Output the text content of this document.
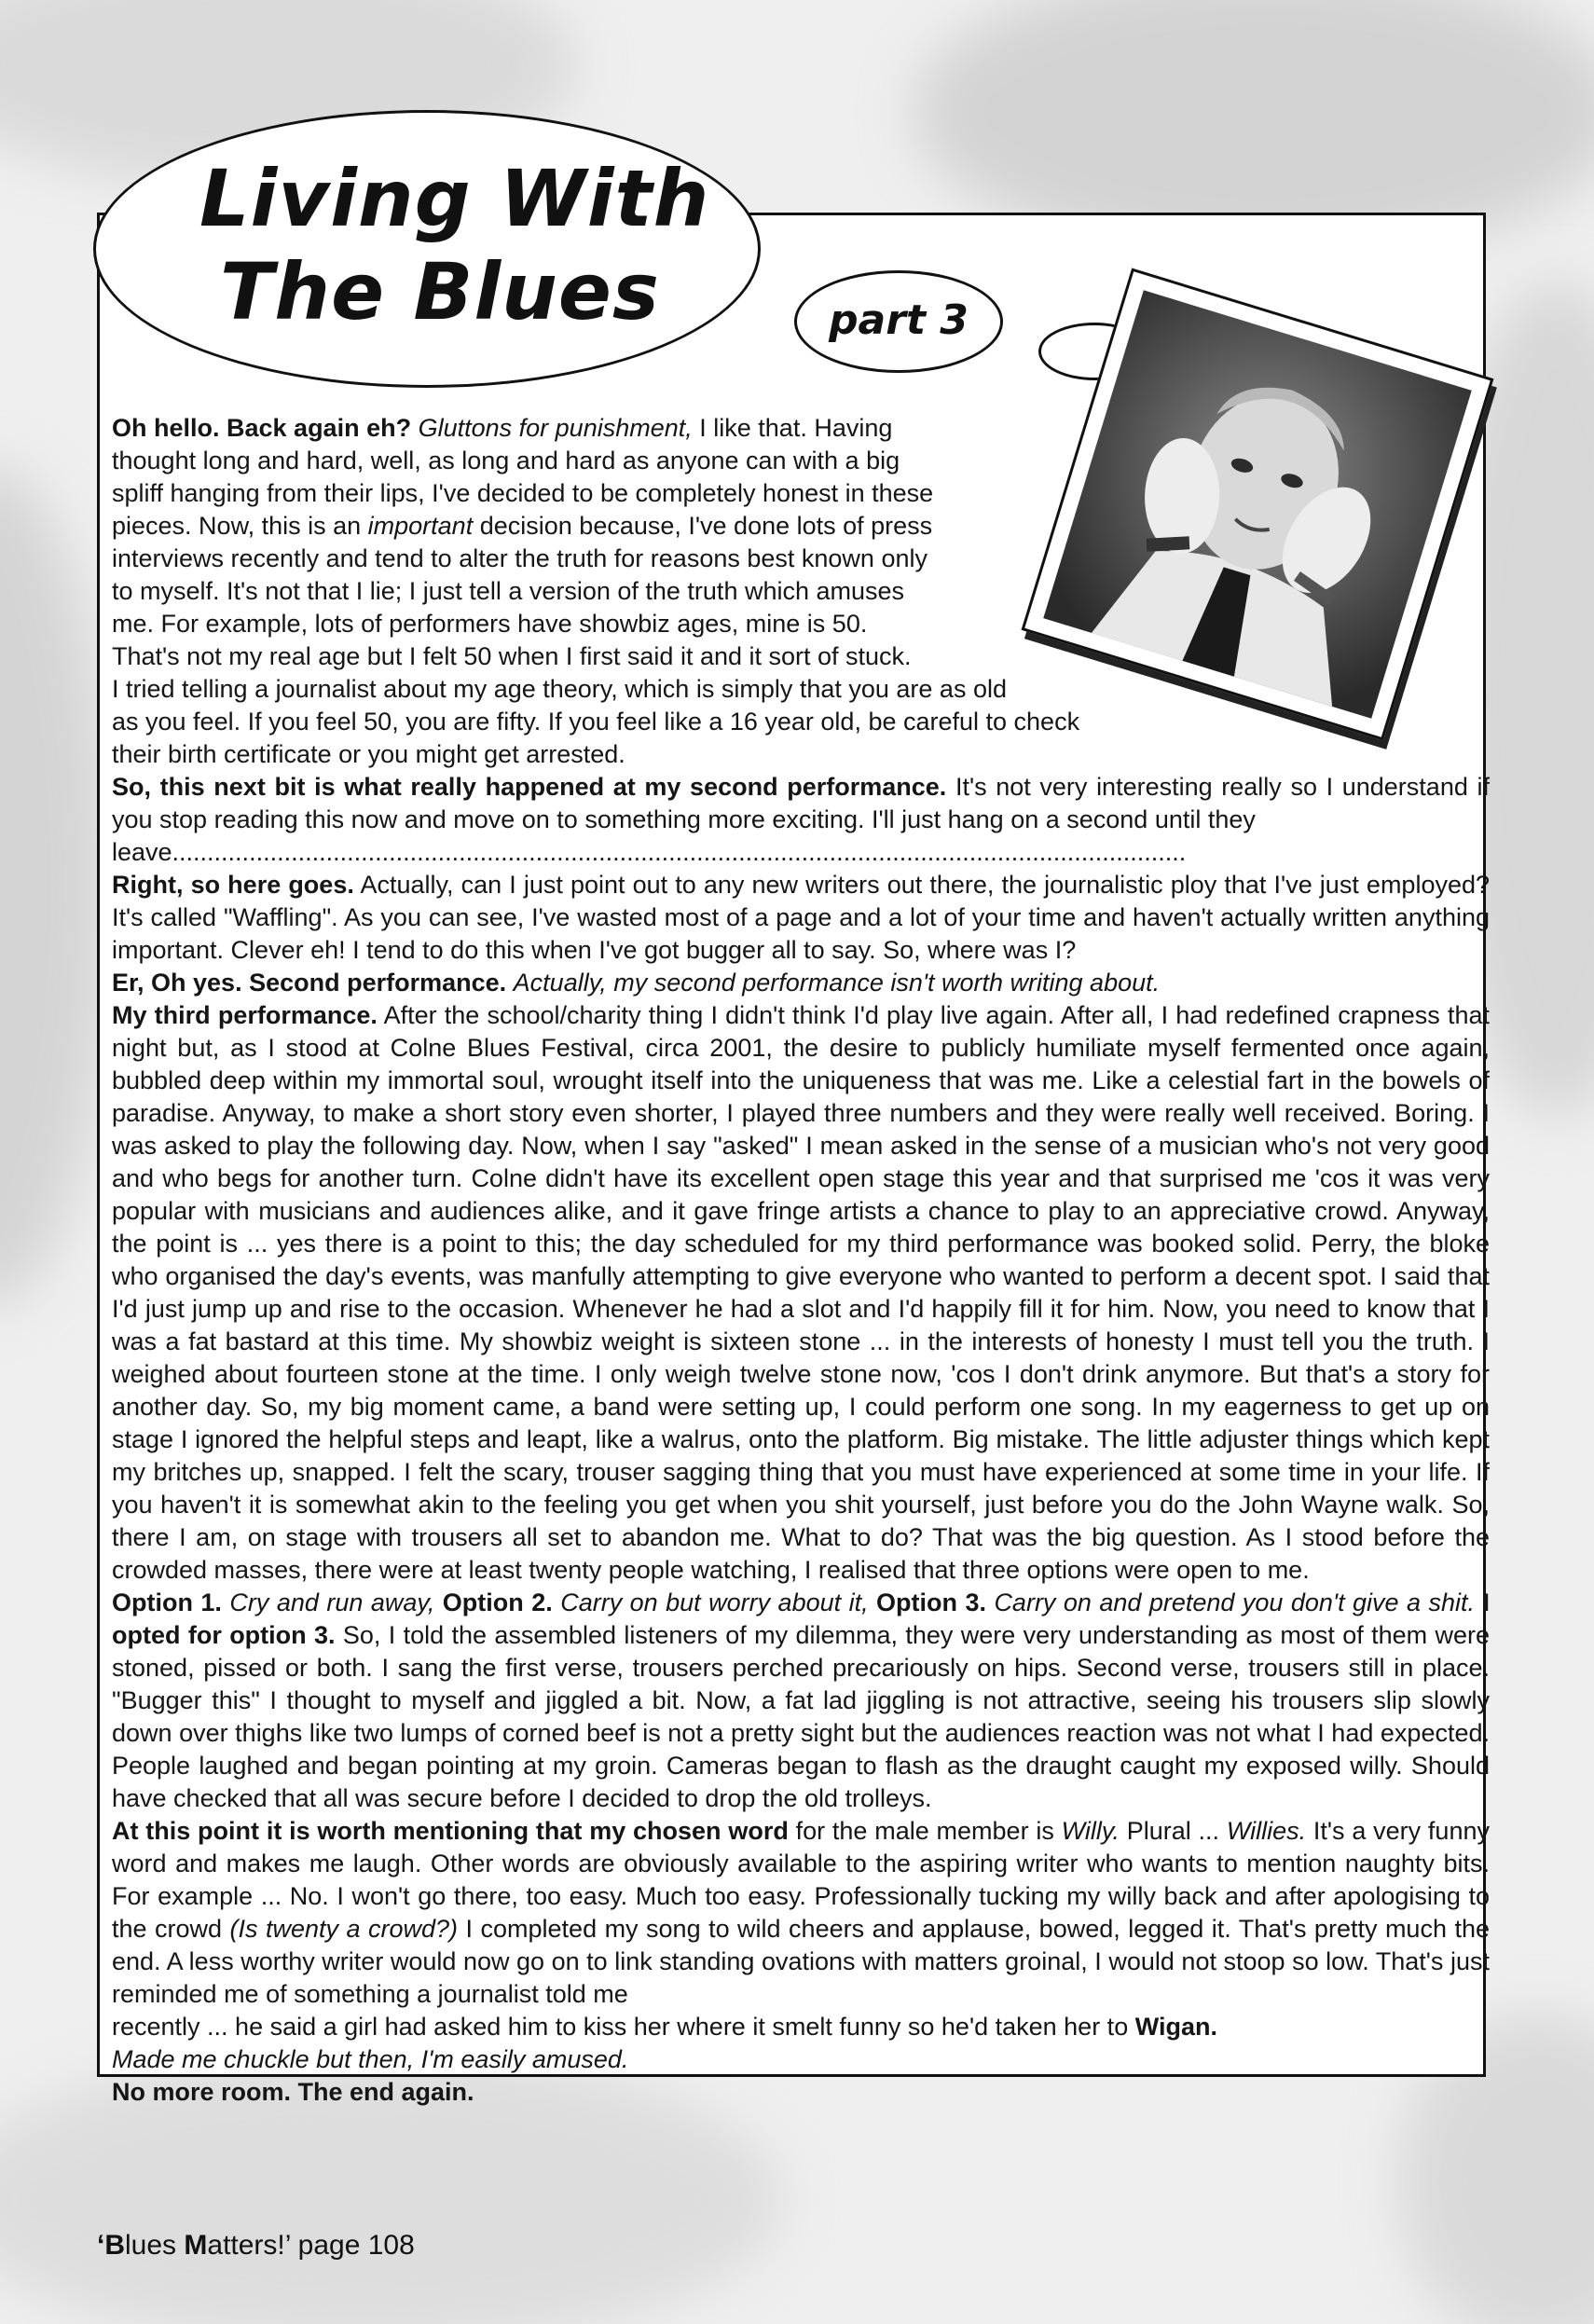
Living With
The Blues	part 3

Oh hello. Back again eh? Gluttons for punishment, I like that. Having

thought long and hard, well, as long and hard as anyone can with a big

spliff hanging from their lips, I've decided to be completely honest in these

pieces. Now, this is an important decision because, I've done lots of press

interviews recently and tend to alter the truth for reasons best known only

to myself. It's not that I lie; I just tell a version of the truth which amuses

me. For example, lots of performers have showbiz ages, mine is 50.

That's not my real age but I felt 50 when I first said it and it sort of stuck.

I tried telling a journalist about my age theory, which is simply that you are as old

as you feel. If you feel 50, you are fifty. If you feel like a 16 year old, be careful to check

their birth certificate or you might get arrested.

So, this next bit is what really happened at my second performance. It's not very interesting really so I understand if you stop reading this now and move on to something more exciting. I'll just hang on a second until they

leave.................................................................................................................................................

Right, so here goes. Actually, can I just point out to any new writers out there, the journalistic ploy that I've just employed? It's called "Waffling". As you can see, I've wasted most of a page and a lot of your time and haven't actually written anything important. Clever eh! I tend to do this when I've got bugger all to say. So, where was I?

Er, Oh yes. Second performance. Actually, my second performance isn't worth writing about.

My third performance. After the school/charity thing I didn't think I'd play live again. After all, I had redefined crapness that night but, as I stood at Colne Blues Festival, circa 2001, the desire to publicly humiliate myself fermented once again, bubbled deep within my immortal soul, wrought itself into the uniqueness that was me. Like a celestial fart in the bowels of paradise. Anyway, to make a short story even shorter, I played three numbers and they were really well received. Boring. I was asked to play the following day. Now, when I say "asked" I mean asked in the sense of a musician who's not very good and who begs for another turn. Colne didn't have its excellent open stage this year and that surprised me 'cos it was very popular with musicians and audiences alike, and it gave fringe artists a chance to play to an appreciative crowd. Anyway, the point is ... yes there is a point to this; the day scheduled for my third performance was booked solid. Perry, the bloke who organised the day's events, was manfully attempting to give everyone who wanted to perform a decent spot. I said that I'd just jump up and rise to the occasion. Whenever he had a slot and I'd happily fill it for him. Now, you need to know that I was a fat bastard at this time. My showbiz weight is sixteen stone ... in the interests of honesty I must tell you the truth. I weighed about fourteen stone at the time. I only weigh twelve stone now, 'cos I don't drink anymore. But that's a story for another day. So, my big moment came, a band were setting up, I could perform one song. In my eagerness to get up on stage I ignored the helpful steps and leapt, like a walrus, onto the platform. Big mistake. The little adjuster things which kept my britches up, snapped. I felt the scary, trouser sagging thing that you must have experienced at some time in your life. If you haven't it is somewhat akin to the feeling you get when you shit yourself, just before you do the John Wayne walk. So, there I am, on stage with trousers all set to abandon me. What to do? That was the big question. As I stood before the crowded masses, there were at least twenty people watching, I realised that three options were open to me.

Option 1. Cry and run away, Option 2. Carry on but worry about it, Option 3. Carry on and pretend you don't give a shit. I opted for option 3. So, I told the assembled listeners of my dilemma, they were very understanding as most of them were stoned, pissed or both. I sang the first verse, trousers perched precariously on hips. Second verse, trousers still in place. "Bugger this" I thought to myself and jiggled a bit. Now, a fat lad jiggling is not attractive, seeing his trousers slip slowly down over thighs like two lumps of corned beef is not a pretty sight but the audiences reaction was not what I had expected. People laughed and began pointing at my groin. Cameras began to flash as the draught caught my exposed willy. Should have checked that all was secure before I decided to drop the old trolleys.

At this point it is worth mentioning that my chosen word for the male member is Willy. Plural ... Willies. It's a very funny word and makes me laugh. Other words are obviously available to the aspiring writer who wants to mention naughty bits. For example ... No. I won't go there, too easy. Much too easy. Professionally tucking my willy back and after apologising to the crowd (Is twenty a crowd?) I completed my song to wild cheers and applause, bowed, legged it. That's pretty much the end. A less worthy writer would now go on to link standing ovations with matters groinal, I would not stoop so low. That's just reminded me of something a journalist told me

recently ... he said a girl had asked him to kiss her where it smelt funny so he'd taken her to Wigan.

Made me chuckle but then, I'm easily amused.

No more room. The end again.

‘Blues Matters!’ page 108
